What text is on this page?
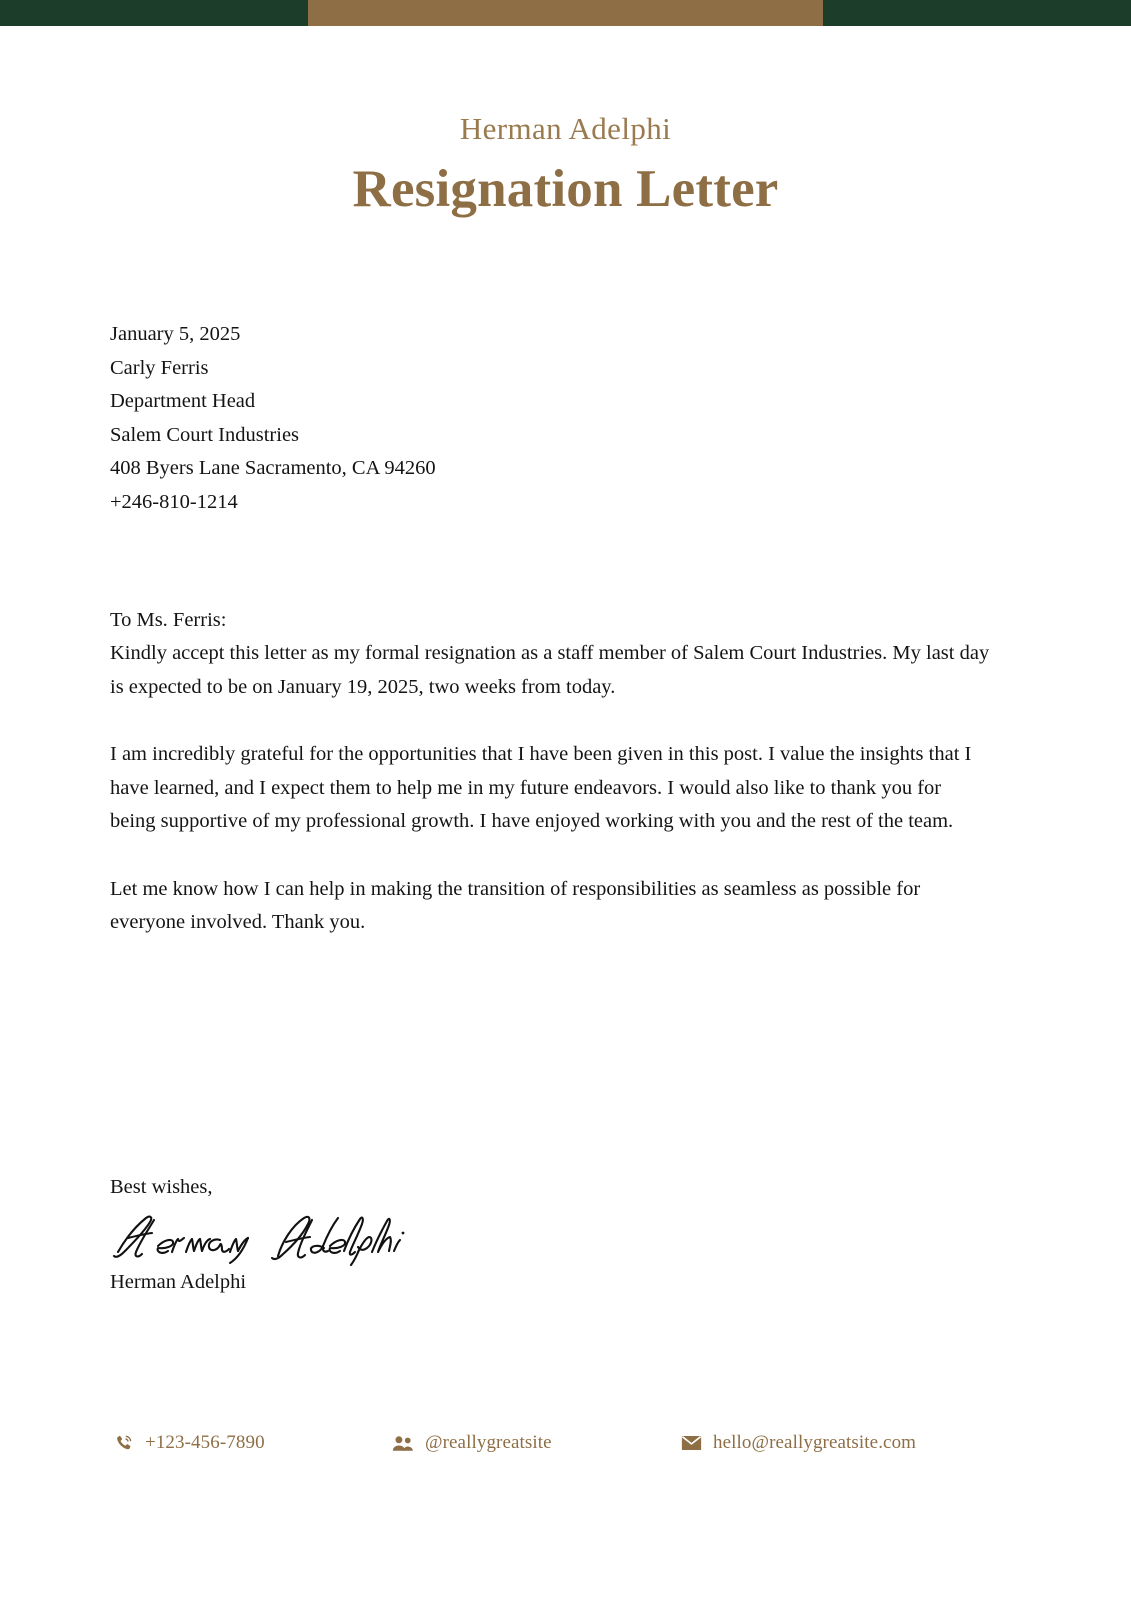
Herman Adelphi
Resignation Letter
January 5, 2025
Carly Ferris
Department Head
Salem Court Industries
408 Byers Lane Sacramento, CA 94260
+246-810-1214
To Ms. Ferris:

Kindly accept this letter as my formal resignation as a staff member of Salem Court Industries. My last day is expected to be on January 19, 2025, two weeks from today.

I am incredibly grateful for the opportunities that I have been given in this post. I value the insights that I have learned, and I expect them to help me in my future endeavors. I would also like to thank you for being supportive of my professional growth. I have enjoyed working with you and the rest of the team.

Let me know how I can help in making the transition of responsibilities as seamless as possible for everyone involved. Thank you.

Best wishes,
Herman Adelphi
+123-456-7890	@reallygreatsite	hello@reallygreatsite.com
